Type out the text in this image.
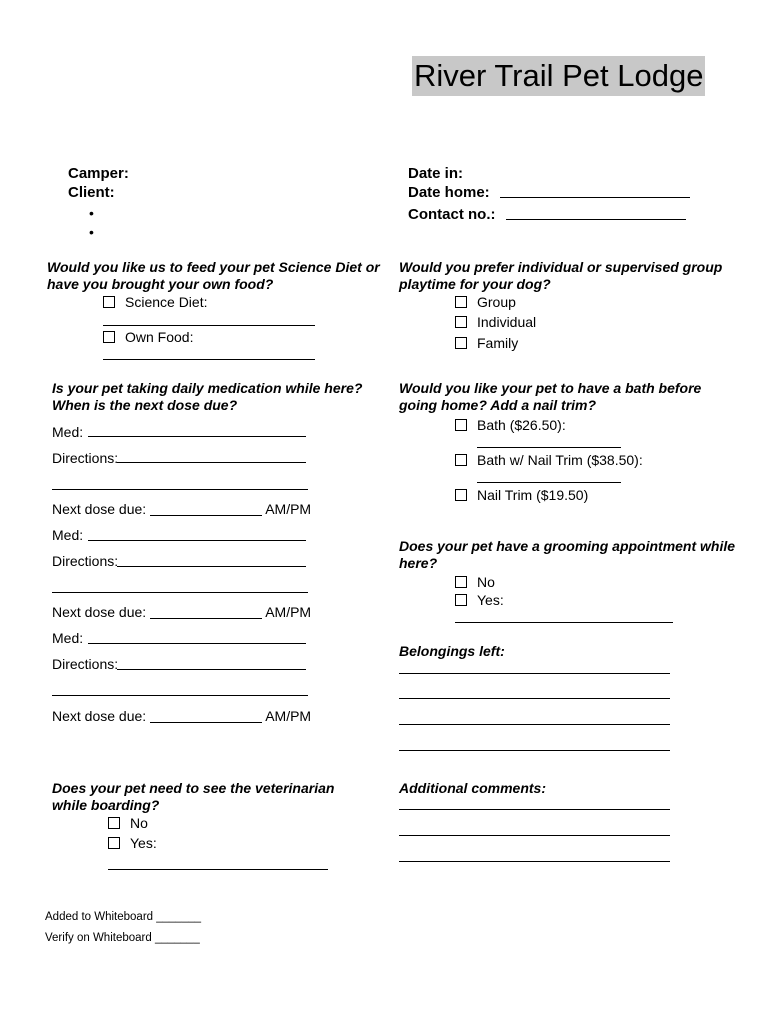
River Trail Pet Lodge
Camper:
Client:
•
•
Date in:
Date home:
Contact no.:
Would you like us to feed your pet Science Diet or have you brought your own food?
Science Diet:
Own Food:
Would you prefer individual or supervised group playtime for your dog?
Group
Individual
Family
Is your pet taking daily medication while here? When is the next dose due?
Med:
Directions:
Next dose due:	AM/PM
Med:
Directions:
Next dose due:	AM/PM
Med:
Directions:
Next dose due:	AM/PM
Would you like your pet to have a bath before going home? Add a nail trim?
Bath ($26.50):
Bath w/ Nail Trim ($38.50):
Nail Trim ($19.50)
Does your pet have a grooming appointment while here?
No
Yes:
Belongings left:
Does your pet need to see the veterinarian while boarding?
No
Yes:
Additional comments:
Added to Whiteboard _______
Verify on Whiteboard _______
